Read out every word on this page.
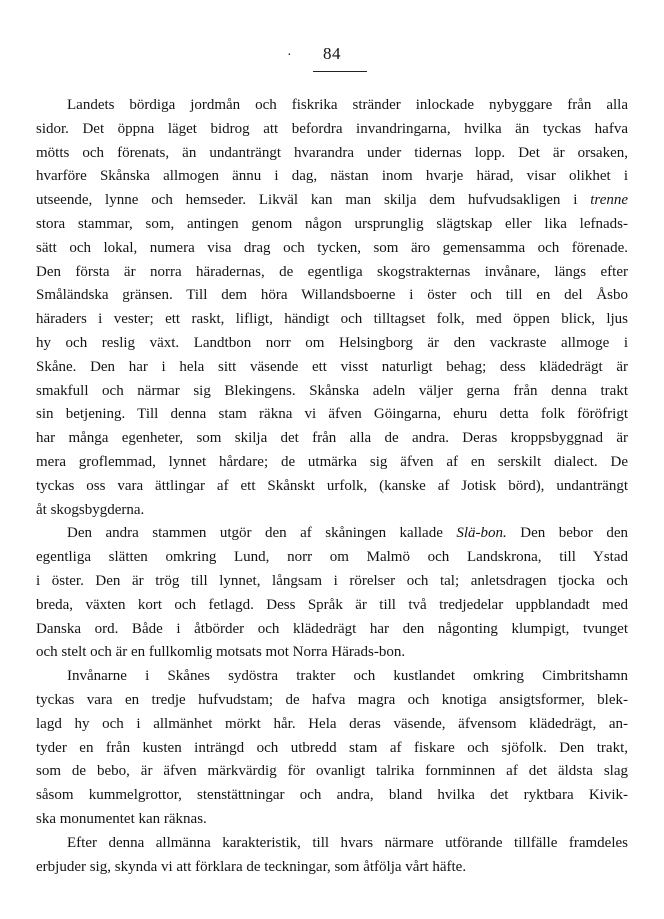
·	84
Landets bördiga jordmån och fiskrika stränder inlockade nybyggare från alla
sidor. Det öppna läget bidrog att befordra invandringarna, hvilka än tyckas hafva
mötts och förenats, än undanträngt hvarandra under tidernas lopp. Det är orsaken,
hvarföre Skånska allmogen ännu i dag, nästan inom hvarje härad, visar olikhet i
utseende, lynne och hemseder. Likväl kan man skilja dem hufvudsakligen i trenne
stora stammar, som, antingen genom någon ursprunglig slägtskap eller lika lefnads-
sätt och lokal, numera visa drag och tycken, som äro gemensamma och förenade.
Den första är norra häradernas, de egentliga skogstrakternas invånare, längs efter
Småländska gränsen. Till dem höra Willandsboerne i öster och till en del Åsbo
häraders i vester; ett raskt, lifligt, händigt och tilltagset folk, med öppen blick, ljus
hy och reslig växt. Landtbon norr om Helsingborg är den vackraste allmoge i
Skåne. Den har i hela sitt väsende ett visst naturligt behag; dess klädedrägt är
smakfull och närmar sig Blekingens. Skånska adeln väljer gerna från denna trakt
sin betjening. Till denna stam räkna vi äfven Göingarna, ehuru detta folk föröfrigt
har många egenheter, som skilja det från alla de andra. Deras kroppsbyggnad är
mera groflemmad, lynnet hårdare; de utmärka sig äfven af en serskilt dialect. De
tyckas oss vara ättlingar af ett Skånskt urfolk, (kanske af Jotisk börd), undanträngt
åt skogsbygderna.
Den andra stammen utgör den af skåningen kallade Slä-bon. Den bebor den
egentliga slätten omkring Lund, norr om Malmö och Landskrona, till Ystad
i öster. Den är trög till lynnet, långsam i rörelser och tal; anletsdragen tjocka och
breda, växten kort och fetlagd. Dess Språk är till två tredjedelar uppblandadt med
Danska ord. Både i åtbörder och klädedrägt har den någonting klumpigt, tvunget
och stelt och är en fullkomlig motsats mot Norra Härads-bon.
Invånarne i Skånes sydöstra trakter och kustlandet omkring Cimbritshamn
tyckas vara en tredje hufvudstam; de hafva magra och knotiga ansigtsformer, blek-
lagd hy och i allmänhet mörkt hår. Hela deras väsende, äfvensom klädedrägt, an-
tyder en från kusten inträngd och utbredd stam af fiskare och sjöfolk. Den trakt,
som de bebo, är äfven märkvärdig för ovanligt talrika fornminnen af det äldsta slag
såsom kummelgrottor, stenstättningar och andra, bland hvilka det ryktbara Kivik-
ska monumentet kan räknas.
Efter denna allmänna karakteristik, till hvars närmare utförande tillfälle framdeles
erbjuder sig, skynda vi att förklara de teckningar, som åtfölja vårt häfte.
